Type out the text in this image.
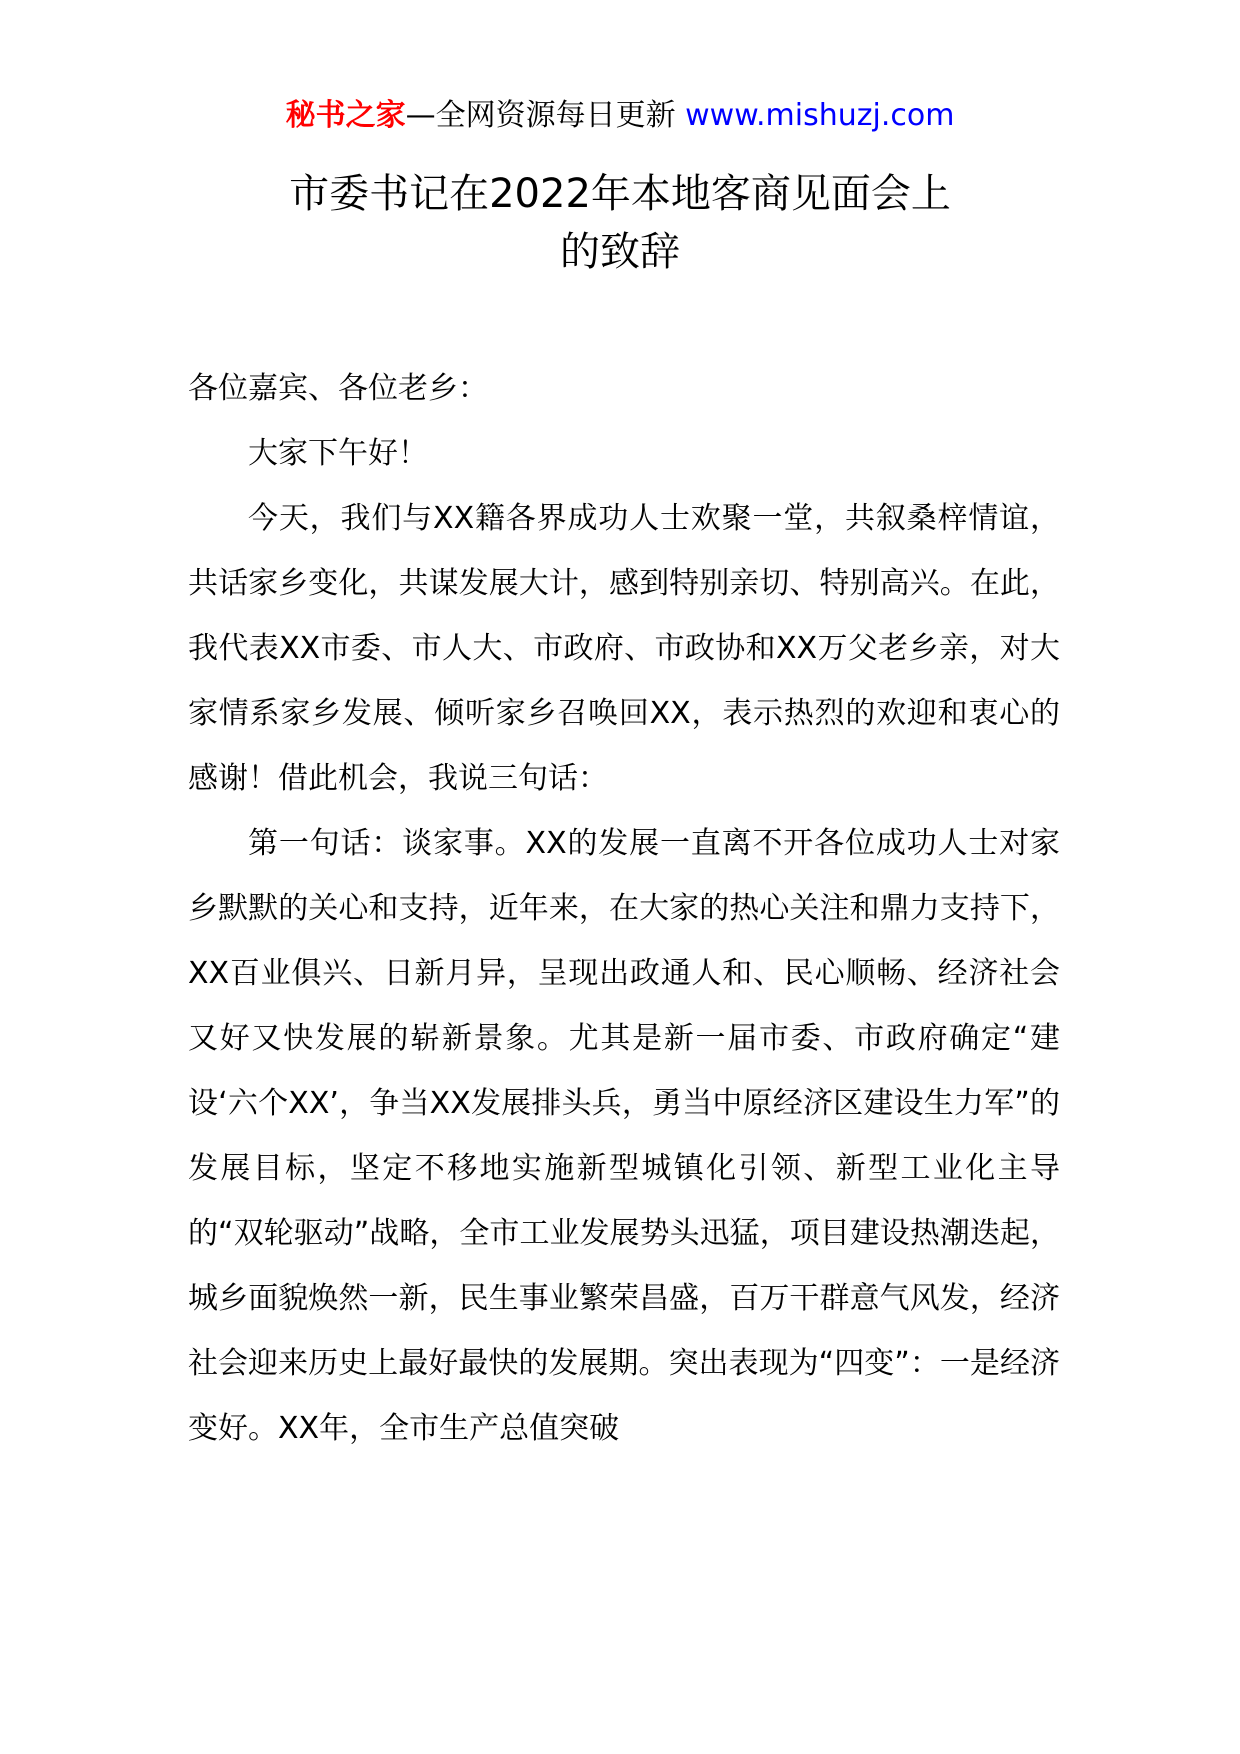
秘书之家—全网资源每日更新 www.mishuzj.com
市委书记在2022年本地客商见面会上
的致辞

各位嘉宾、各位老乡：

大家下午好！

今天，我们与XX籍各界成功人士欢聚一堂，共叙桑梓情谊，共话家乡变化，共谋发展大计，感到特别亲切、特别高兴。在此，我代表XX市委、市人大、市政府、市政协和XX万父老乡亲，对大家情系家乡发展、倾听家乡召唤回XX，表示热烈的欢迎和衷心的感谢！借此机会，我说三句话：

第一句话：谈家事。XX的发展一直离不开各位成功人士对家乡默默的关心和支持，近年来，在大家的热心关注和鼎力支持下，XX百业俱兴、日新月异，呈现出政通人和、民心顺畅、经济社会又好又快发展的崭新景象。尤其是新一届市委、市政府确定“建设‘六个XX’，争当XX发展排头兵，勇当中原经济区建设生力军”的发展目标，坚定不移地实施新型城镇化引领、新型工业化主导的“双轮驱动”战略，全市工业发展势头迅猛，项目建设热潮迭起，城乡面貌焕然一新，民生事业繁荣昌盛，百万干群意气风发，经济社会迎来历史上最好最快的发展期。突出表现为“四变”：一是经济变好。XX年，全市生产总值突破
